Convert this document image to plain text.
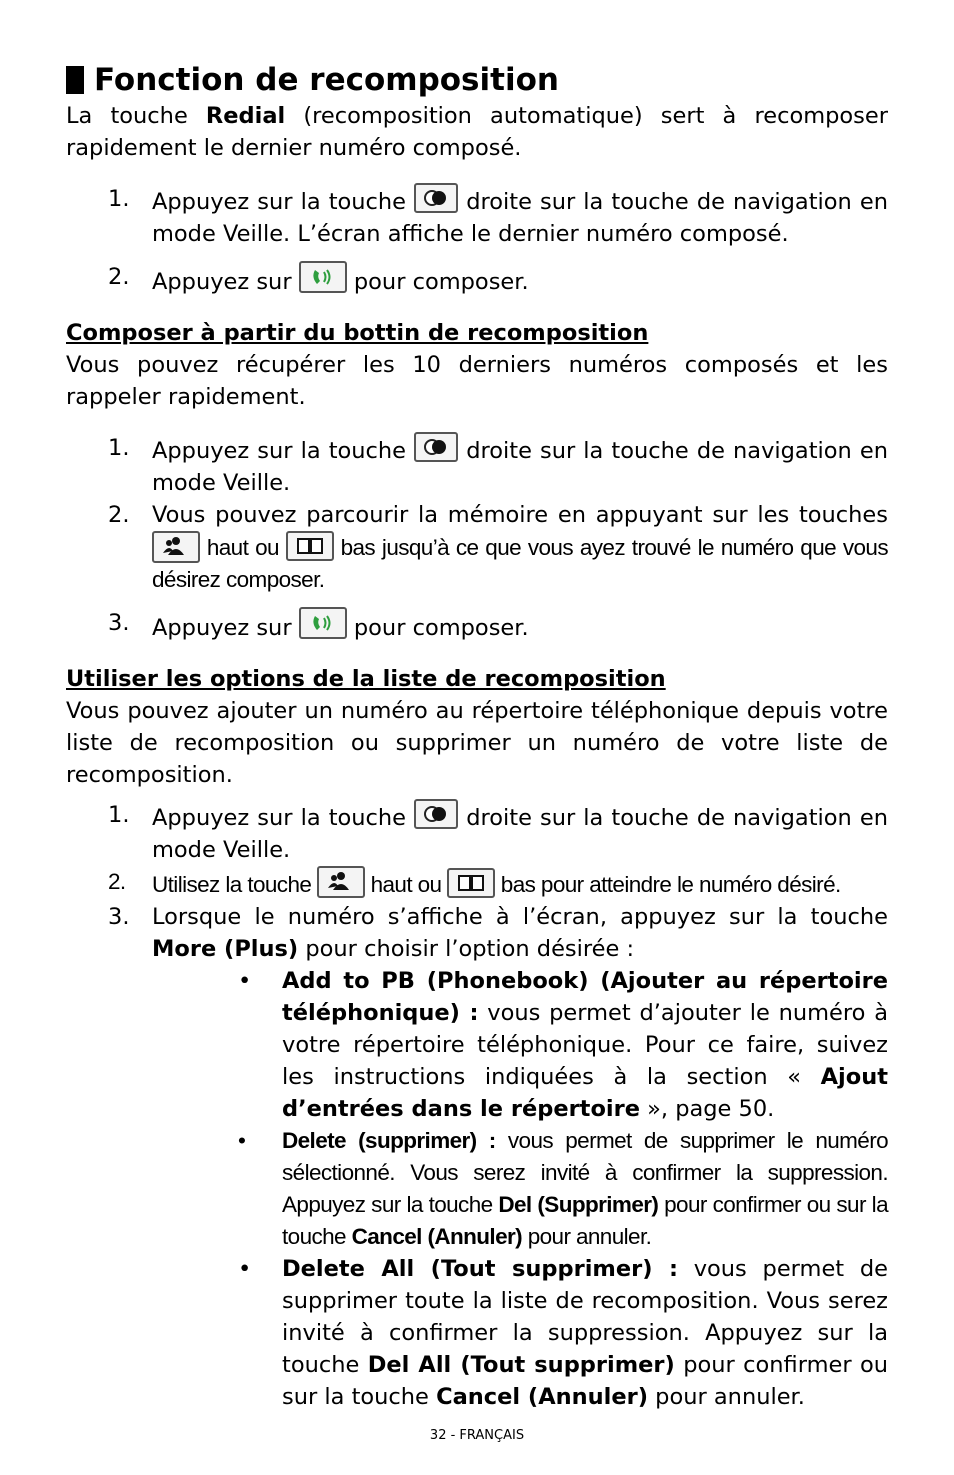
Fonction de recomposition

La touche Redial (recomposition automatique) sert à recomposer rapidement le dernier numéro composé.

1. Appuyez sur la touche
droite sur la touche de navigation en mode Veille. L’écran affiche le dernier numéro composé.
2. Appuyez sur
pour composer.
Composer à partir du bottin de recomposition

Vous pouvez récupérer les 10 derniers numéros composés et les rappeler rapidement.

1. Appuyez sur la touche
droite sur la touche de navigation en mode Veille.
2. Vous pouvez parcourir la mémoire en appuyant sur les touches
haut ou
bas jusqu’à ce que vous ayez trouvé le numéro que vous désirez composer.
3. Appuyez sur
pour composer.
Utiliser les options de la liste de recomposition

Vous pouvez ajouter un numéro au répertoire téléphonique depuis votre liste de recomposition ou supprimer un numéro de votre liste de recomposition.

1. Appuyez sur la touche
droite sur la touche de navigation en mode Veille.
2. Utilisez la touche
haut ou
bas pour atteindre le numéro désiré.
3. Lorsque le numéro s’affiche à l’écran, appuyez sur la touche More (Plus) pour choisir l’option désirée :
• Add to PB (Phonebook) (Ajouter au répertoire téléphonique) : vous permet d’ajouter le numéro à votre répertoire téléphonique. Pour ce faire, suivez les instructions indiquées à la section « Ajout d’entrées dans le répertoire », page 50.
• Delete (supprimer) : vous permet de supprimer le numéro sélectionné. Vous serez invité à confirmer la suppression. Appuyez sur la touche Del (Supprimer) pour confirmer ou sur la touche Cancel (Annuler) pour annuler.
• Delete All (Tout supprimer) : vous permet de supprimer toute la liste de recomposition. Vous serez invité à confirmer la suppression. Appuyez sur la touche Del All (Tout supprimer) pour confirmer ou sur la touche Cancel (Annuler) pour annuler.
32 - FRANÇAIS
